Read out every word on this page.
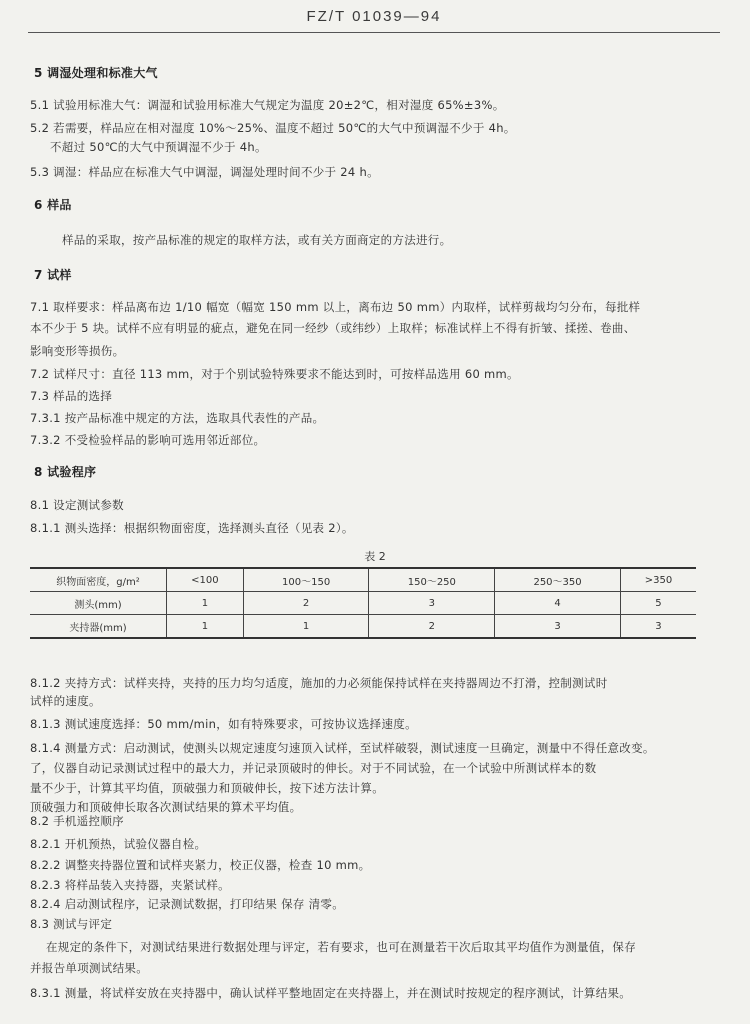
FZ/T 01039—94
5 调湿处理和标准大气
5.1 试验用标准大气：调湿和试验用标准大气规定为温度 20±2℃，相对湿度 65%±3%。
5.2 若需要，样品应在相对湿度 10%～25%、温度不超过 50℃的大气中预调湿不少于 4h。
不超过 50℃的大气中预调湿不少于 4h。
5.3 调湿：样品应在标准大气中调湿，调湿处理时间不少于 24 h。
6 样品
样品的采取，按产品标准的规定的取样方法，或有关方面商定的方法进行。
7 试样
7.1 取样要求：样品离布边 1/10 幅宽（幅宽 150 mm 以上，离布边 50 mm）内取样，试样剪裁均匀分布，每批样
本不少于 5 块。试样不应有明显的疵点，避免在同一经纱（或纬纱）上取样；标准试样上不得有折皱、揉搓、卷曲、
影响变形等损伤。
7.2 试样尺寸：直径 113 mm，对于个别试验特殊要求不能达到时，可按样品选用 60 mm。
7.3 样品的选择
7.3.1 按产品标准中规定的方法，选取具代表性的产品。
7.3.2 不受检验样品的影响可选用邻近部位。
8 试验程序
8.1 设定测试参数
8.1.1 测头选择：根据织物面密度，选择测头直径（见表 2）。
表 2
织物面密度，g/m²	<100	100～150	150～250	250～350	>350
测头(mm)	1	2	3	4	5
夹持器(mm)	1	1	2	3	3
8.1.2 夹持方式：试样夹持，夹持的压力均匀适度，施加的力必须能保持试样在夹持器周边不打滑，控制测试时
试样的速度。
8.1.3 测试速度选择：50 mm/min，如有特殊要求，可按协议选择速度。
8.1.4 测量方式：启动测试，使测头以规定速度匀速顶入试样，至试样破裂，测试速度一旦确定，测量中不得任意改变。
了，仪器自动记录测试过程中的最大力，并记录顶破时的伸长。对于不同试验，在一个试验中所测试样本的数
量不少于，计算其平均值，顶破强力和顶破伸长，按下述方法计算。
顶破强力和顶破伸长取各次测试结果的算术平均值。
8.2 手机遥控顺序
8.2.1 开机预热，试验仪器自检。
8.2.2 调整夹持器位置和试样夹紧力，校正仪器，检查 10 mm。
8.2.3 将样品装入夹持器，夹紧试样。
8.2.4 启动测试程序，记录测试数据，打印结果 保存 清零。
8.3 测试与评定
在规定的条件下，对测试结果进行数据处理与评定，若有要求，也可在测量若干次后取其平均值作为测量值，保存
并报告单项测试结果。
8.3.1 测量，将试样安放在夹持器中，确认试样平整地固定在夹持器上，并在测试时按规定的程序测试，计算结果。
